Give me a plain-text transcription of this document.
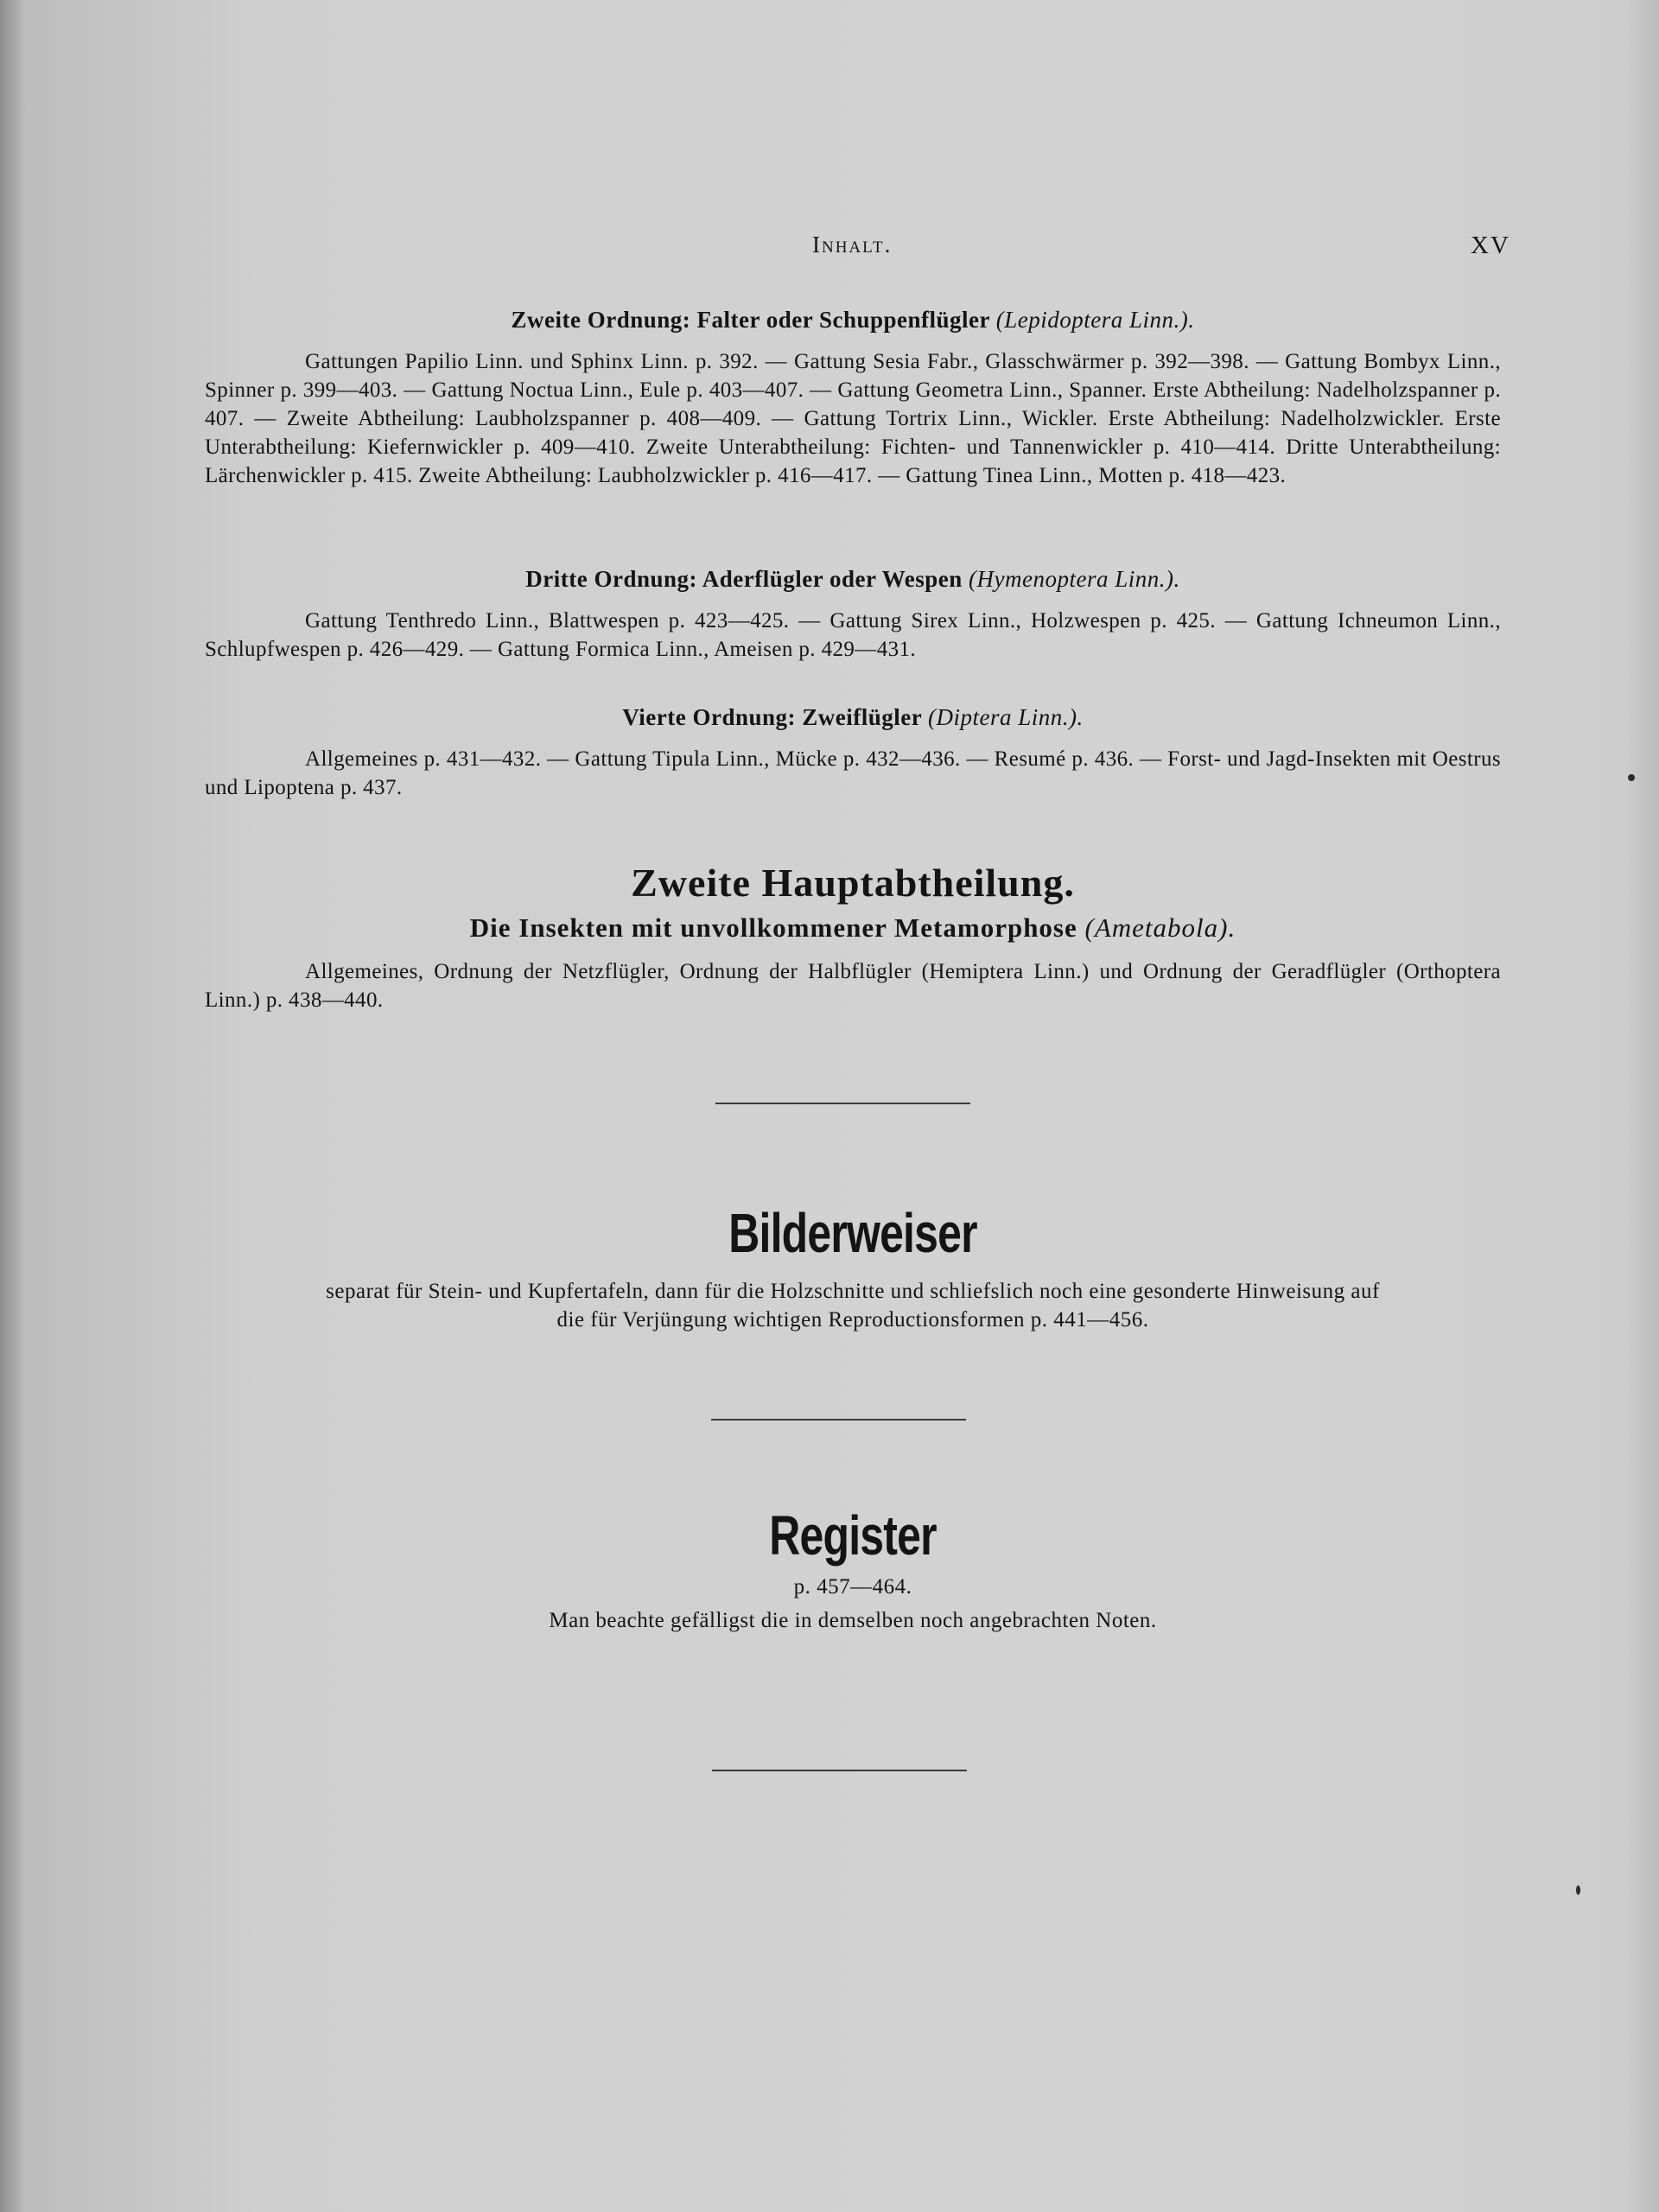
Inhalt.	XV
Zweite Ordnung: Falter oder Schuppenflügler (Lepidoptera Linn.).
Gattungen Papilio Linn. und Sphinx Linn. p. 392. — Gattung Sesia Fabr., Glasschwärmer p. 392—398. — Gattung Bombyx Linn., Spinner p. 399—403. — Gattung Noctua Linn., Eule p. 403—407. — Gattung Geometra Linn., Spanner. Erste Abtheilung: Nadelholzspanner p. 407. — Zweite Abtheilung: Laubholzspanner p. 408—409. — Gattung Tortrix Linn., Wickler. Erste Abtheilung: Nadelholzwickler. Erste Unterabtheilung: Kiefernwickler p. 409—410. Zweite Unterabtheilung: Fichten- und Tannenwickler p. 410—414. Dritte Unterabtheilung: Lärchenwickler p. 415. Zweite Abtheilung: Laubholzwickler p. 416—417. — Gattung Tinea Linn., Motten p. 418—423.
Dritte Ordnung: Aderflügler oder Wespen (Hymenoptera Linn.).
Gattung Tenthredo Linn., Blattwespen p. 423—425. — Gattung Sirex Linn., Holzwespen p. 425. — Gattung Ichneumon Linn., Schlupfwespen p. 426—429. — Gattung Formica Linn., Ameisen p. 429—431.
Vierte Ordnung: Zweiflügler (Diptera Linn.).
Allgemeines p. 431—432. — Gattung Tipula Linn., Mücke p. 432—436. — Resumé p. 436. — Forst- und Jagd-Insekten mit Oestrus und Lipoptena p. 437.
Zweite Hauptabtheilung.
Die Insekten mit unvollkommener Metamorphose (Ametabola).
Allgemeines, Ordnung der Netzflügler, Ordnung der Halbflügler (Hemiptera Linn.) und Ordnung der Geradflügler (Orthoptera Linn.) p. 438—440.
Bilderweiser
separat für Stein- und Kupfertafeln, dann für die Holzschnitte und schliefslich noch eine gesonderte Hinweisung auf
die für Verjüngung wichtigen Reproductionsformen p. 441—456.
Register
p. 457—464.
Man beachte gefälligst die in demselben noch angebrachten Noten.
